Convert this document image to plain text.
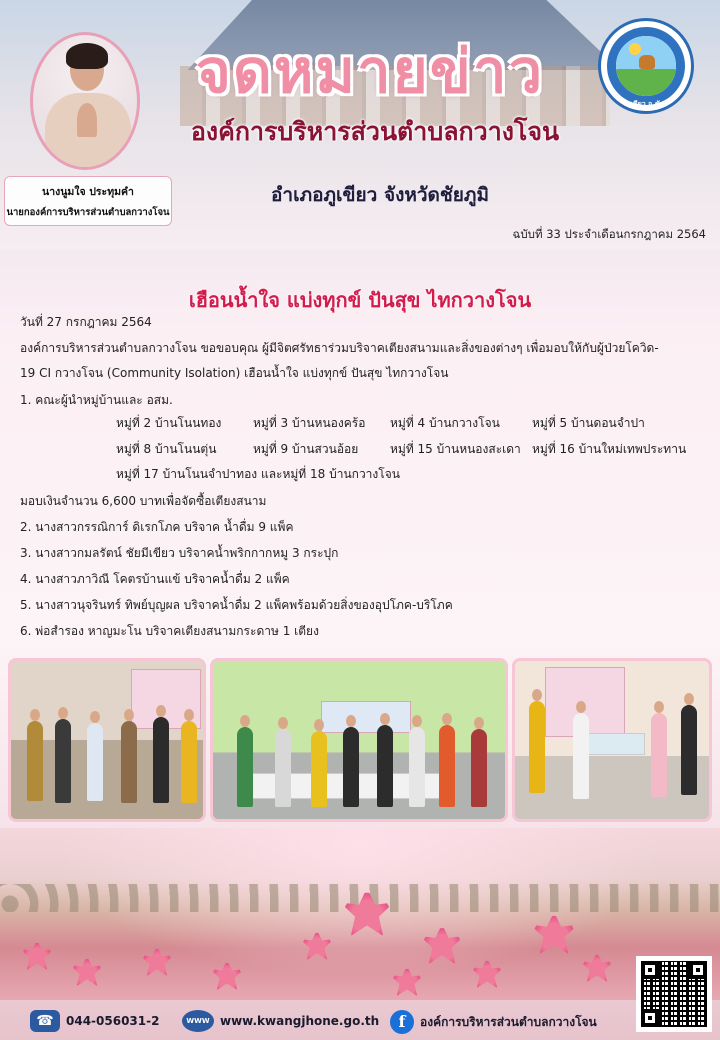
จดหมายข่าว
องค์การบริหารส่วนตำบลกวางโจน
อ.ภูเขียว จ.ชัยภูมิ
นางนูมใจ ประทุมคำ
นายกองค์การบริหารส่วนตำบลกวางโจน
อำเภอภูเขียว จังหวัดชัยภูมิ
ฉบับที่ 33 ประจำเดือนกรกฎาคม 2564
เฮือนน้ำใจ แบ่งทุกข์ ปันสุข ไทกวางโจน
วันที่ 27 กรกฎาคม 2564
องค์การบริหารส่วนตำบลกวางโจน ขอขอบคุณ ผู้มีจิตศรัทธาร่วมบริจาคเตียงสนามและสิ่งของต่างๆ เพื่อมอบให้กับผู้ป่วยโควิด-
19 CI กวางโจน (Community Isolation) เฮือนน้ำใจ แบ่งทุกข์ ปันสุข ไทกวางโจน
1. คณะผู้นำหมู่บ้านและ อสม.
หมู่ที่ 2 บ้านโนนทอง	หมู่ที่ 3 บ้านหนองคร้อ หมู่ที่ 4 บ้านกวางโจน	หมู่ที่ 5 บ้านดอนจำปา
หมู่ที่ 8 บ้านโนนตุ่น	หมู่ที่ 9 บ้านสวนอ้อย	หมู่ที่ 15 บ้านหนองสะเดา หมู่ที่ 16 บ้านใหม่เทพประทาน
หมู่ที่ 17 บ้านโนนจำปาทอง และหมู่ที่ 18 บ้านกวางโจน
มอบเงินจำนวน 6,600 บาทเพื่อจัดซื้อเตียงสนาม
2. นางสาวกรรณิการ์ ดิเรกโภค บริจาค น้ำดื่ม 9 แพ็ค
3. นางสาวกมลรัตน์ ชัยมีเขียว บริจาคน้ำพริกกากหมู 3 กระปุก
4. นางสาวภาวิณี โคตรบ้านแข้ บริจาคน้ำดื่ม 2 แพ็ค
5. นางสาวนุจรินทร์ ทิพย์บุญผล บริจาคน้ำดื่ม 2 แพ็คพร้อมด้วยสิ่งของอุปโภค-บริโภค
6. พ่อสำรอง หาญมะโน บริจาคเตียงสนามกระดาษ 1 เตียง
☎	044-056031-2	WWW www.kwangjhone.go.th	f	องค์การบริหารส่วนตำบลกวางโจน
